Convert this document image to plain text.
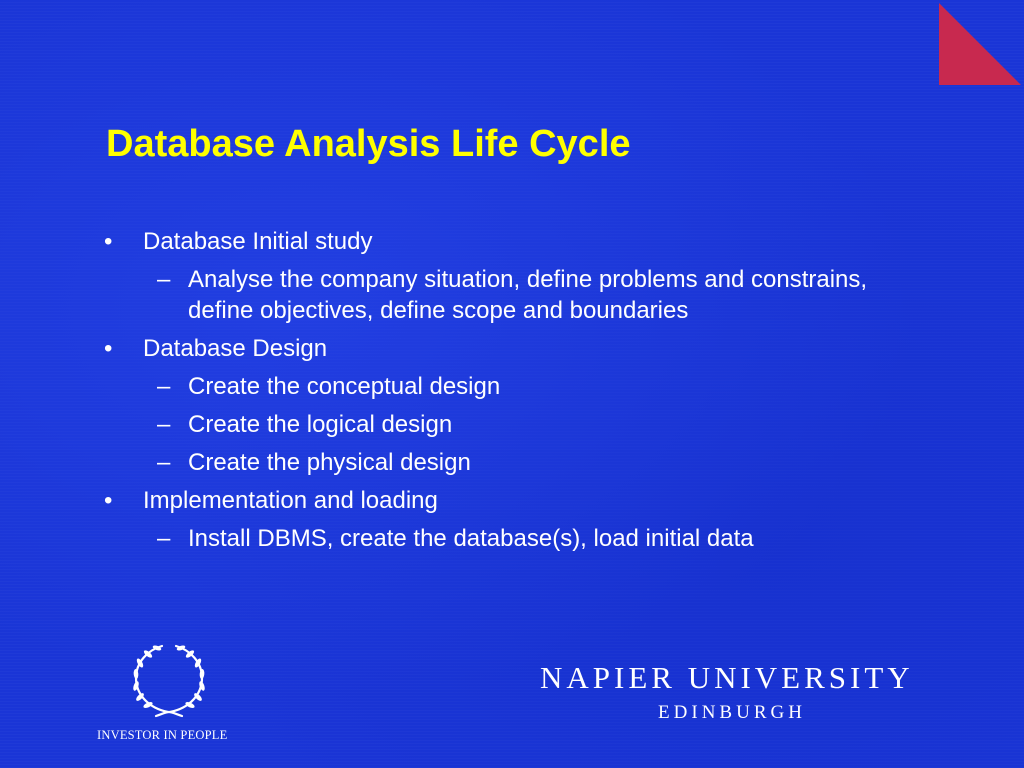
Database Analysis Life Cycle

• Database Initial study

– Analyse the company situation, define problems and constrains, define objectives, define scope and boundaries

• Database Design

– Create the conceptual design

– Create the logical design

– Create the physical design

• Implementation and loading

– Install DBMS, create the database(s), load initial data

INVESTOR IN PEOPLE
NAPIER UNIVERSITY
EDINBURGH
